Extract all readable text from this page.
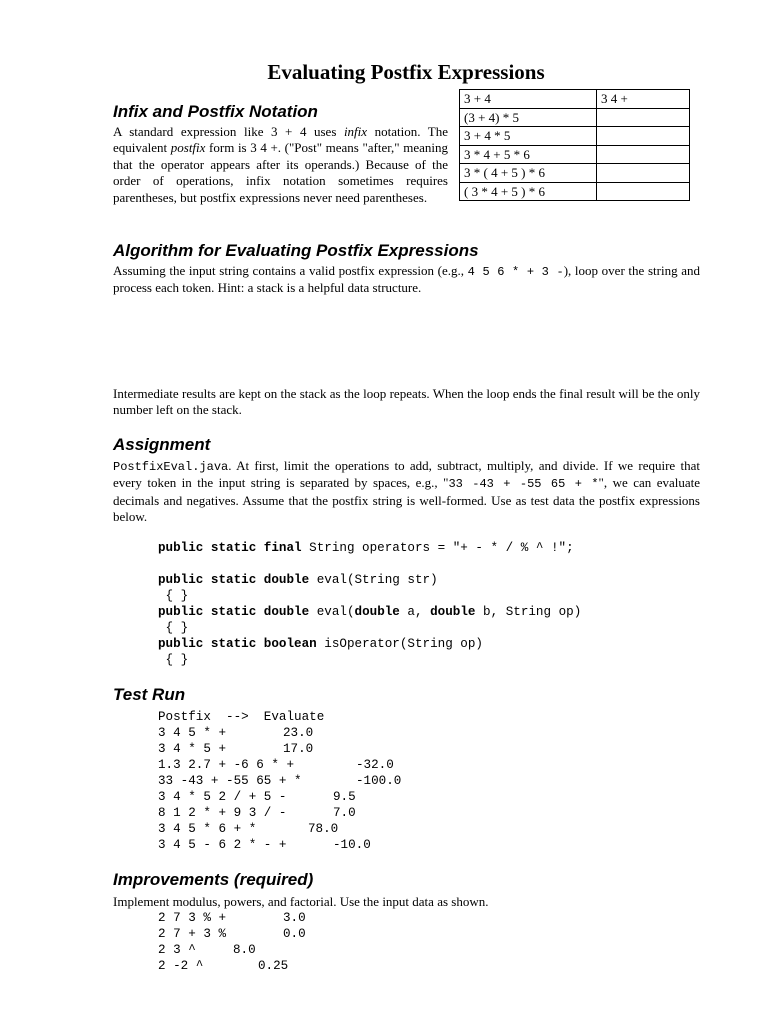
Evaluating Postfix Expressions
3 + 4	3 4 +
(3 + 4) * 5	
3 + 4 * 5	
3 * 4 + 5 * 6	
3 * ( 4 + 5 ) * 6	
( 3 * 4 + 5 ) * 6	
Infix and Postfix Notation
A standard expression like 3 + 4 uses infix notation. The equivalent postfix form is 3 4 +. ("Post" means "after," meaning that the operator appears after its operands.) Because of the order of operations, infix notation sometimes requires parentheses, but postfix expressions never need parentheses.
Algorithm for Evaluating Postfix Expressions
Assuming the input string contains a valid postfix expression (e.g., 4 5 6 * + 3 -), loop over the string and process each token. Hint: a stack is a helpful data structure.
Intermediate results are kept on the stack as the loop repeats. When the loop ends the final result will be the only number left on the stack.
Assignment
PostfixEval.java. At first, limit the operations to add, subtract, multiply, and divide. If we require that every token in the input string is separated by spaces, e.g., "33 -43 + -55 65 + *", we can evaluate decimals and negatives. Assume that the postfix string is well-formed. Use as test data the postfix expressions below.
public static final String operators = "+ - * / % ^ !";
public static double eval(String str)
{ }
public static double eval(double a, double b, String op)
{ }
public static boolean isOperator(String op)
{ }
Test Run
Postfix  -->  Evaluate
3 4 5 * +	23.0
3 4 * 5 +	17.0
1.3 2.7 + -6 6 * +	-32.0
33 -43 + -55 65 + *	-100.0
3 4 * 5 2 / + 5 -	9.5
8 1 2 * + 9 3 / -	7.0
3 4 5 * 6 + *	78.0
3 4 5 - 6 2 * - +	-10.0
Improvements (required)
Implement modulus, powers, and factorial. Use the input data as shown.
2 7 3 % +	3.0
2 7 + 3 %	0.0
2 3 ^	8.0
2 -2 ^	0.25
